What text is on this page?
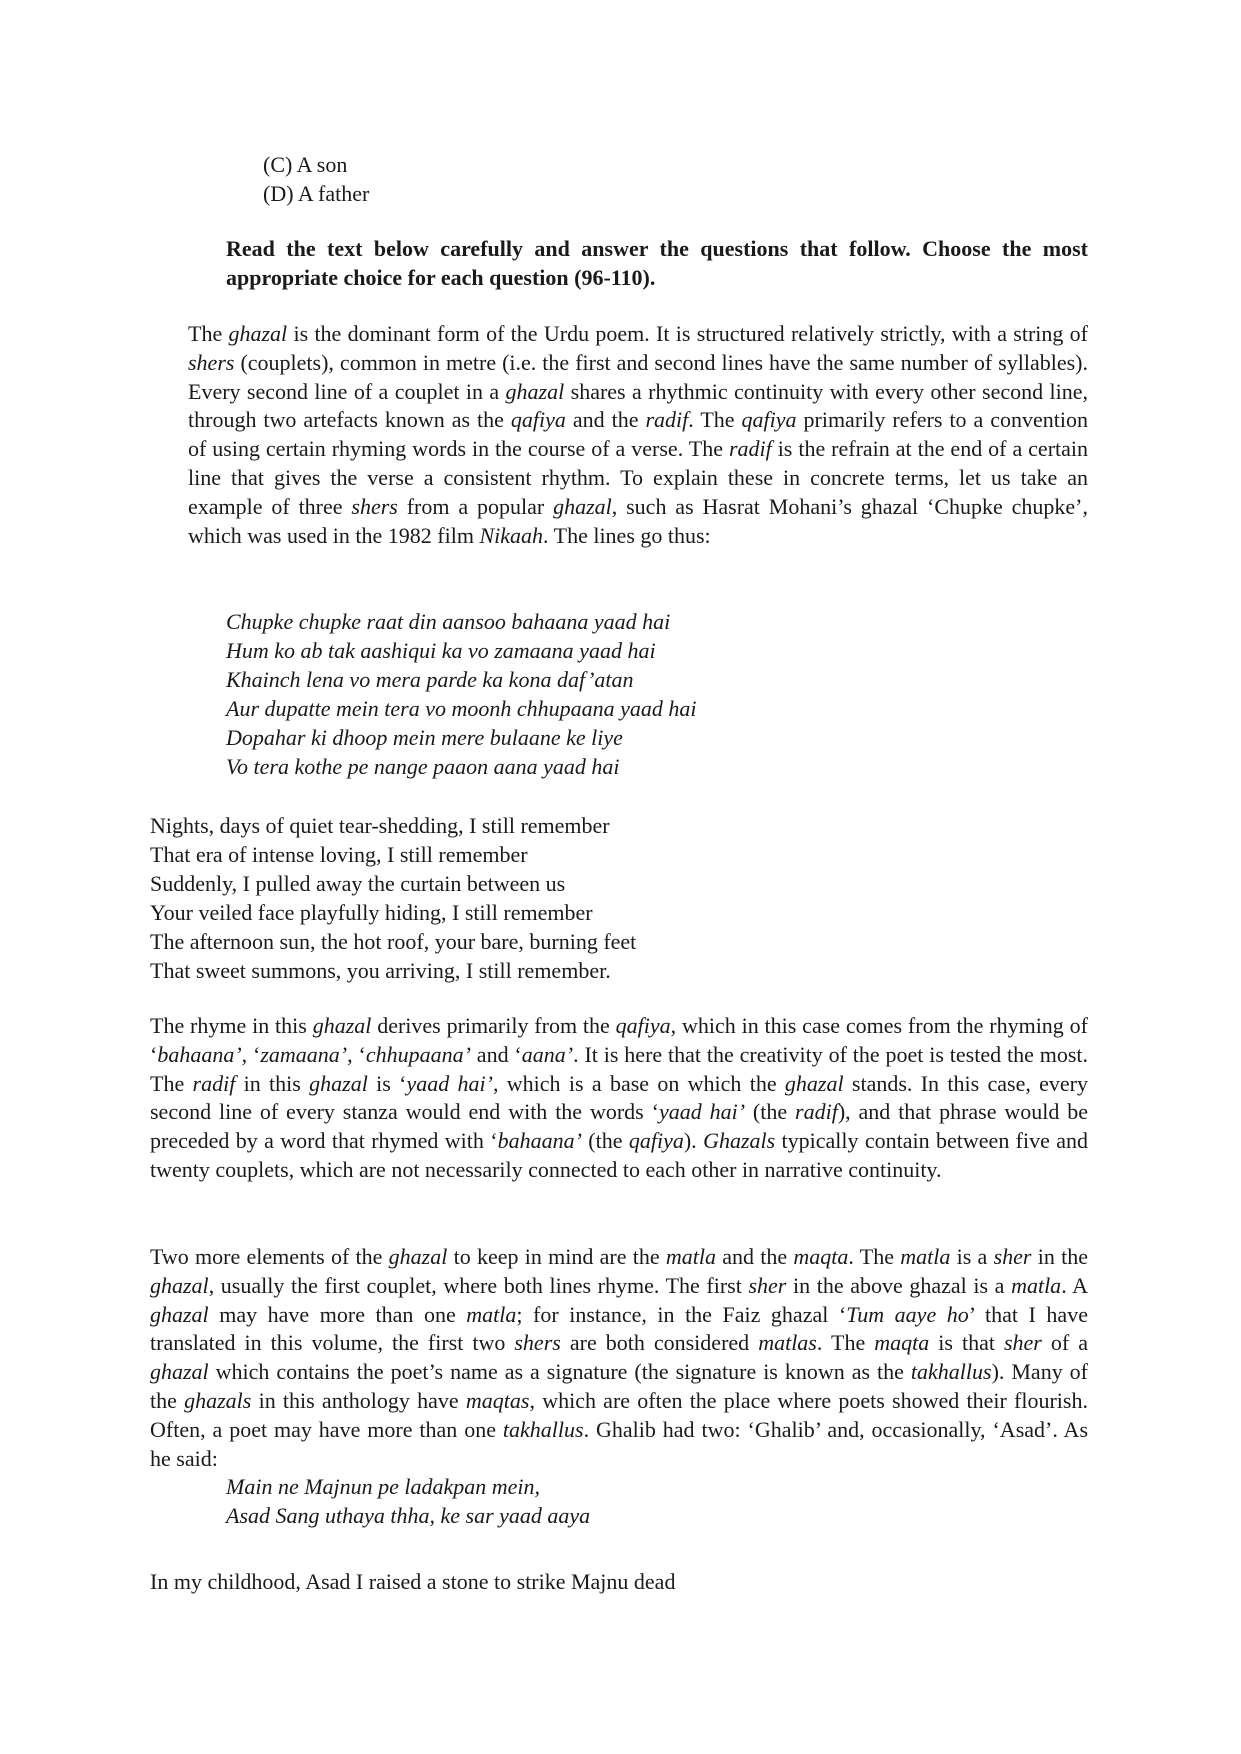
(C) A son
(D) A father

Read the text below carefully and answer the questions that follow. Choose the most appropriate choice for each question (96-110).

The ghazal is the dominant form of the Urdu poem. It is structured relatively strictly, with a string of shers (couplets), common in metre (i.e. the first and second lines have the same number of syllables). Every second line of a couplet in a ghazal shares a rhythmic continuity with every other second line, through two artefacts known as the qafiya and the radif. The qafiya primarily refers to a convention of using certain rhyming words in the course of a verse. The radif is the refrain at the end of a certain line that gives the verse a consistent rhythm. To explain these in concrete terms, let us take an example of three shers from a popular ghazal, such as Hasrat Mohani’s ghazal ‘Chupke chupke’, which was used in the 1982 film Nikaah. The lines go thus:

Chupke chupke raat din aansoo bahaana yaad hai
Hum ko ab tak aashiqui ka vo zamaana yaad hai
Khainch lena vo mera parde ka kona daf’atan
Aur dupatte mein tera vo moonh chhupaana yaad hai
Dopahar ki dhoop mein mere bulaane ke liye
Vo tera kothe pe nange paaon aana yaad hai
Nights, days of quiet tear-shedding, I still remember
That era of intense loving, I still remember
Suddenly, I pulled away the curtain between us
Your veiled face playfully hiding, I still remember
The afternoon sun, the hot roof, your bare, burning feet
That sweet summons, you arriving, I still remember.

The rhyme in this ghazal derives primarily from the qafiya, which in this case comes from the rhyming of ‘bahaana’, ‘zamaana’, ‘chhupaana’ and ‘aana’. It is here that the creativity of the poet is tested the most. The radif in this ghazal is ‘yaad hai’, which is a base on which the ghazal stands. In this case, every second line of every stanza would end with the words ‘yaad hai’ (the radif), and that phrase would be preceded by a word that rhymed with ‘bahaana’ (the qafiya). Ghazals typically contain between five and twenty couplets, which are not necessarily connected to each other in narrative continuity.

Two more elements of the ghazal to keep in mind are the matla and the maqta. The matla is a sher in the ghazal, usually the first couplet, where both lines rhyme. The first sher in the above ghazal is a matla. A ghazal may have more than one matla; for instance, in the Faiz ghazal ‘Tum aaye ho’ that I have translated in this volume, the first two shers are both considered matlas. The maqta is that sher of a ghazal which contains the poet’s name as a signature (the signature is known as the takhallus). Many of the ghazals in this anthology have maqtas, which are often the place where poets showed their flourish. Often, a poet may have more than one takhallus. Ghalib had two: ‘Ghalib’ and, occasionally, ‘Asad’. As he said:

Main ne Majnun pe ladakpan mein,
Asad Sang uthaya thha, ke sar yaad aaya

In my childhood, Asad I raised a stone to strike Majnu dead
